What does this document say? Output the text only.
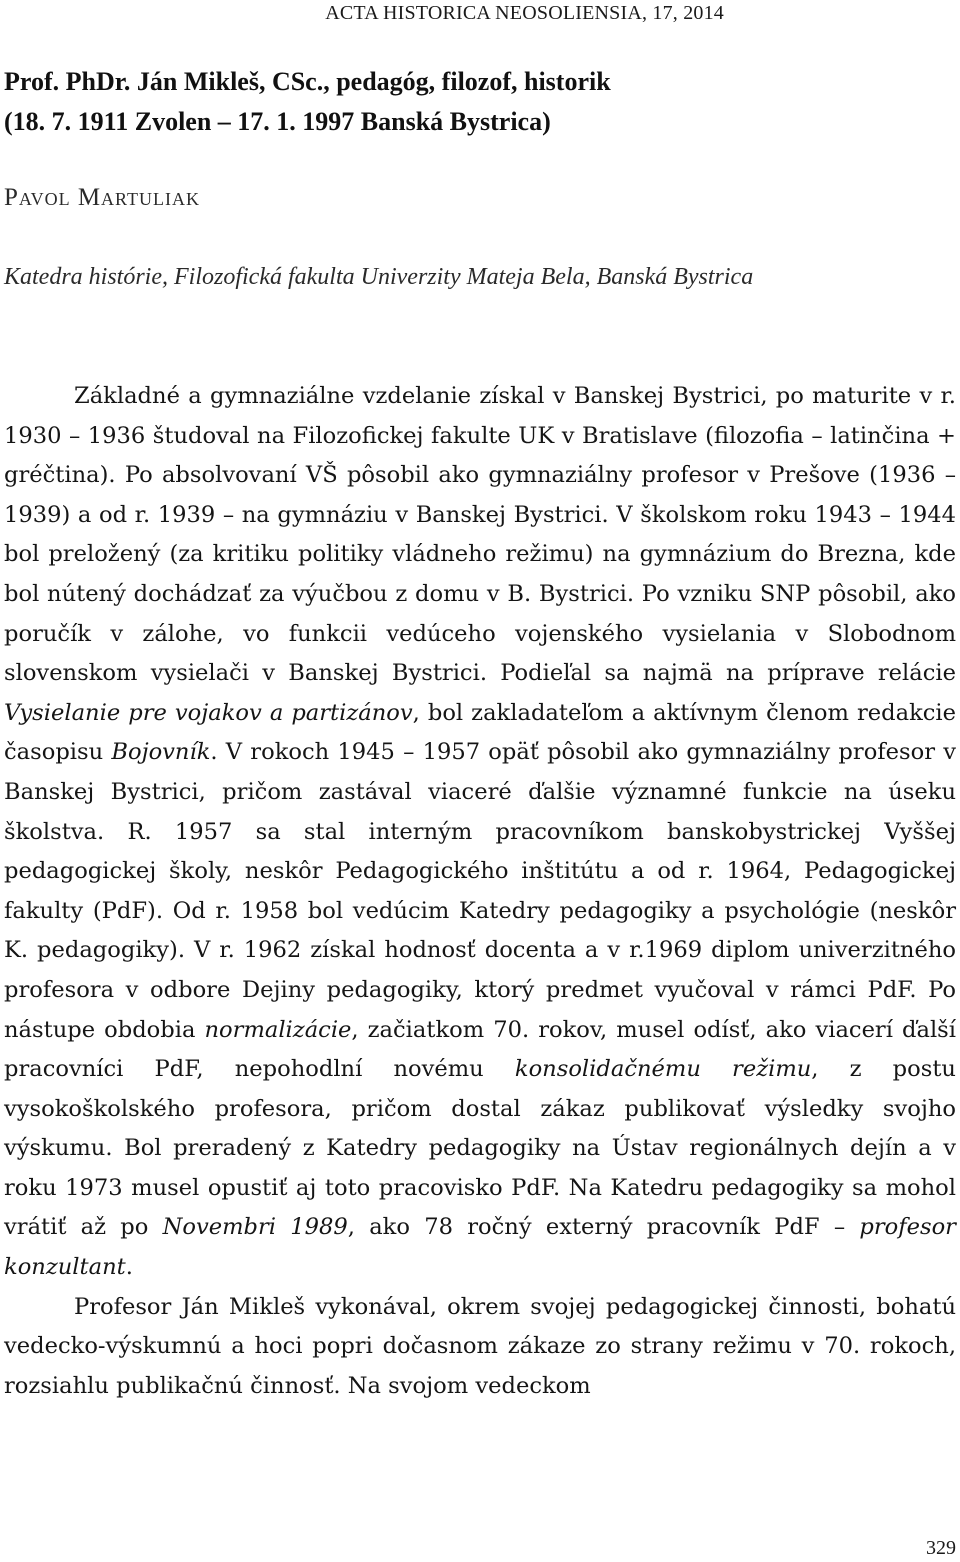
ACTA HISTORICA NEOSOLIENSIA, 17, 2014
Prof. PhDr. Ján Mikleš, CSc., pedagóg, filozof, historik
(18. 7. 1911 Zvolen – 17. 1. 1997 Banská Bystrica)
Pavol Martuliak
Katedra histórie, Filozofická fakulta Univerzity Mateja Bela, Banská Bystrica

Základné a gymnaziálne vzdelanie získal v Banskej Bystrici, po maturite v r. 1930 – 1936 študoval na Filozofickej fakulte UK v Bratislave (filozofia – latinčina + gréčtina). Po absolvovaní VŠ pôsobil ako gymnaziálny profesor v Prešove (1936 – 1939) a od r. 1939 – na gymnáziu v Banskej Bystrici. V školskom roku 1943 – 1944 bol preložený (za kritiku politiky vládneho režimu) na gymnázium do Brezna, kde bol nútený dochádzať za výučbou z domu v B. Bystrici. Po vzniku SNP pôsobil, ako poručík v zálohe, vo funkcii vedúceho vojenského vysielania v Slobodnom slovenskom vysielači v Banskej Bystrici. Podieľal sa najmä na príprave relácie Vysielanie pre vojakov a partizánov, bol zakladateľom a aktívnym členom redakcie časopisu Bojovník. V rokoch 1945 – 1957 opäť pôsobil ako gymnaziálny profesor v Banskej Bystrici, pričom zastával viaceré ďalšie významné funkcie na úseku školstva. R. 1957 sa stal interným pracovníkom banskobystrickej Vyššej pedagogickej školy, neskôr Pedagogického inštitútu a od r. 1964, Pedagogickej fakulty (PdF). Od r. 1958 bol vedúcim Katedry pedagogiky a psychológie (neskôr K. pedagogiky). V r. 1962 získal hodnosť docenta a v r.1969 diplom univerzitného profesora v odbore Dejiny pedagogiky, ktorý predmet vyučoval v rámci PdF. Po nástupe obdobia normalizácie, začiatkom 70. rokov, musel odísť, ako viacerí ďalší pracovníci PdF, nepohodlní novému konsolidačnému režimu, z postu vysokoškolského profesora, pričom dostal zákaz publikovať výsledky svojho výskumu. Bol preradený z Katedry pedagogiky na Ústav regionálnych dejín a v roku 1973 musel opustiť aj toto pracovisko PdF. Na Katedru pedagogiky sa mohol vrátiť až po Novembri 1989, ako 78 ročný externý pracovník PdF – profesor konzultant.

Profesor Ján Mikleš vykonával, okrem svojej pedagogickej činnosti, bohatú vedecko-výskumnú a hoci popri dočasnom zákaze zo strany režimu v 70. rokoch, rozsiahlu publikačnú činnosť. Na svojom vedeckom

329
